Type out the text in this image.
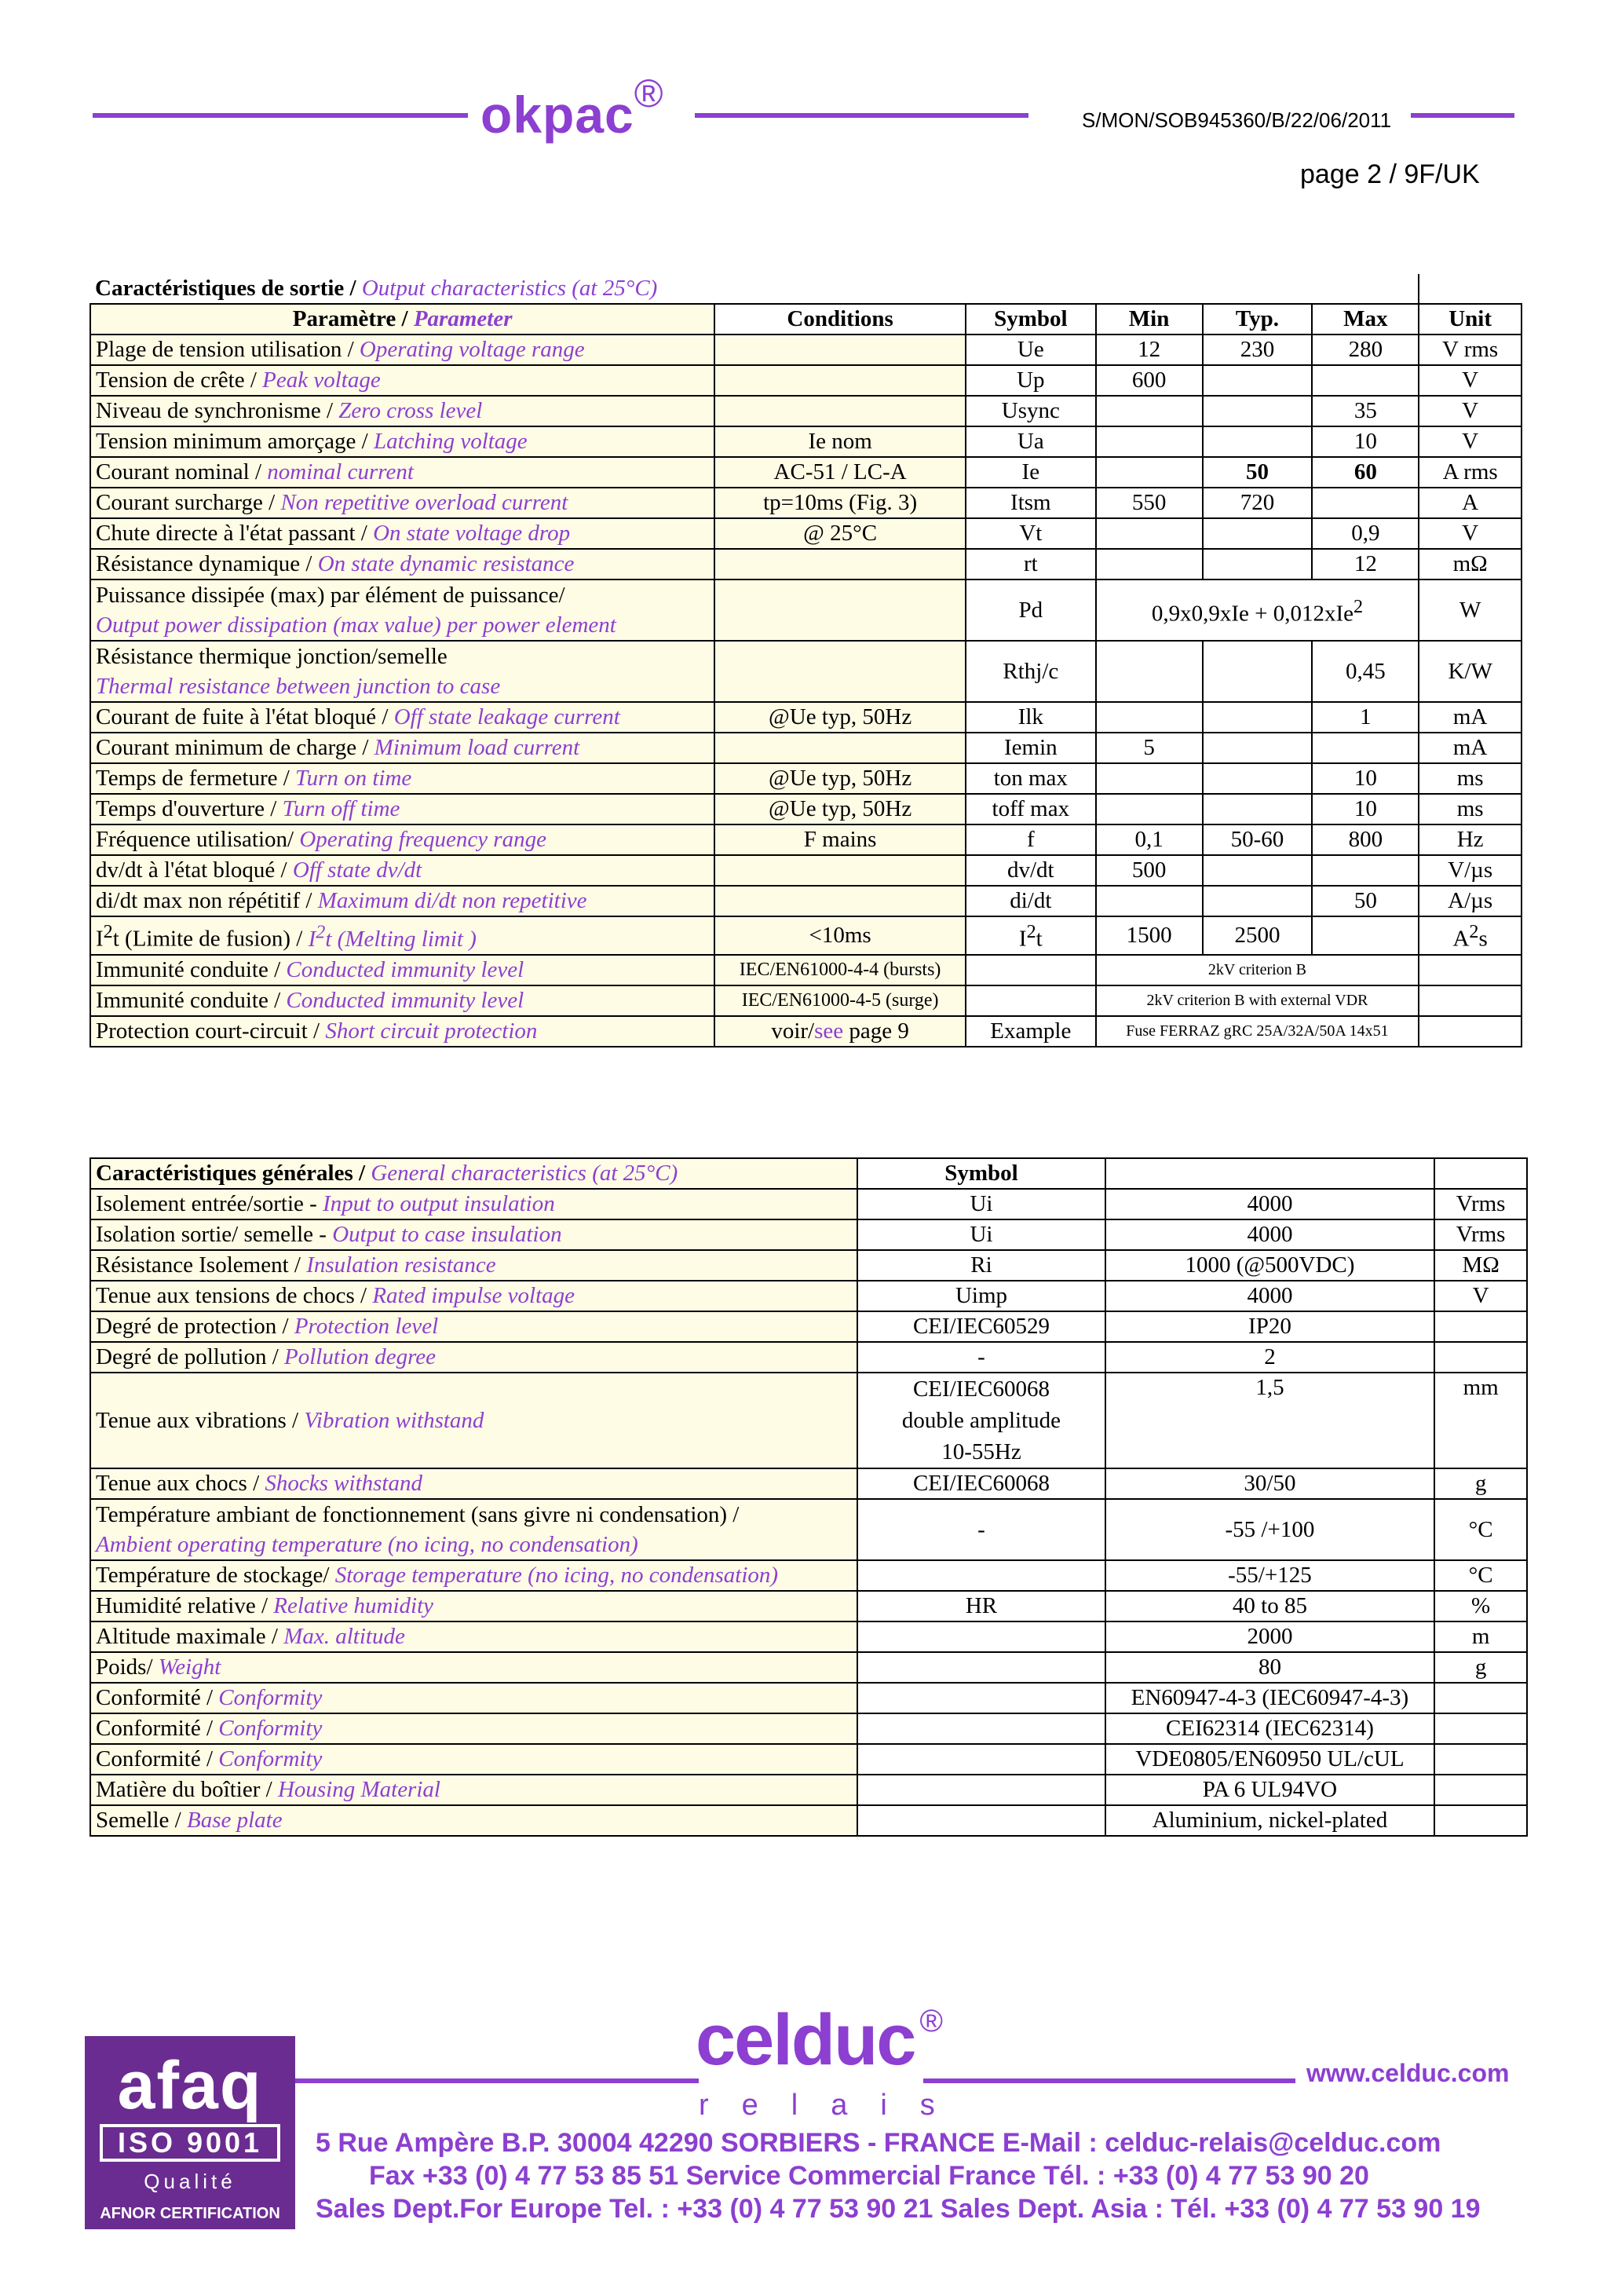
okpac®
S/MON/SOB945360/B/22/06/2011
page 2 / 9F/UK
Caractéristiques de sortie / Output characteristics (at 25°C)						
Paramètre / Parameter	Conditions	Symbol	Min	Typ.	Max	Unit
Plage de tension utilisation / Operating voltage range		Ue	12	230	280	V rms
Tension de crête / Peak voltage		Up	600			V
Niveau de synchronisme / Zero cross level		Usync			35	V
Tension minimum amorçage / Latching voltage	Ie nom	Ua			10	V
Courant nominal / nominal current	AC-51 / LC-A	Ie		50	60	A rms
Courant surcharge / Non repetitive overload current	tp=10ms (Fig. 3)	Itsm	550	720		A
Chute directe à l'état passant / On state voltage drop	@ 25°C	Vt			0,9	V
Résistance dynamique / On state dynamic resistance		rt			12	mΩ
Puissance dissipée (max) par élément de puissance/
Output power dissipation (max value) per power element		Pd	0,9x0,9xIe + 0,012xIe$^2$			W
Résistance thermique jonction/semelle
Thermal resistance between junction to case		Rthj/c			0,45	K/W
Courant de fuite à l'état bloqué / Off state leakage current	@Ue typ, 50Hz	Ilk			1	mA
Courant minimum de charge / Minimum load current		Iemin	5			mA
Temps de fermeture / Turn on time	@Ue typ, 50Hz	ton max			10	ms
Temps d'ouverture / Turn off time	@Ue typ, 50Hz	toff max			10	ms
Fréquence utilisation/ Operating frequency range	F mains	f	0,1	50-60	800	Hz
dv/dt à l'état bloqué / Off state dv/dt		dv/dt	500			V/µs
di/dt max non répétitif / Maximum di/dt non repetitive		di/dt			50	A/µs
$I^2t$ (Limite de fusion) / $I^2t$ (Melting limit )	<10ms	$I^2t$	1500	2500		$A^2s$
Immunité conduite / Conducted immunity level	IEC/EN61000-4-4 (bursts)		2kV criterion B			
Immunité conduite / Conducted immunity level	IEC/EN61000-4-5 (surge)		2kV criterion B with external VDR			
Protection court-circuit / Short circuit protection	voir/see page 9	Example	Fuse FERRAZ gRC 25A/32A/50A 14x51			
Caractéristiques générales / General characteristics (at 25°C)	Symbol		
Isolement entrée/sortie - Input to output insulation	Ui	4000	Vrms
Isolation sortie/ semelle - Output to case insulation	Ui	4000	Vrms
Résistance Isolement / Insulation resistance	Ri	1000 (@500VDC)	MΩ
Tenue aux tensions de chocs / Rated impulse voltage	Uimp	4000	V
Degré de protection / Protection level	CEI/IEC60529	IP20	
Degré de pollution / Pollution degree	-	2	
Tenue aux vibrations / Vibration withstand	CEI/IEC60068
double amplitude
10-55Hz	1,5	mm
Tenue aux chocs / Shocks withstand	CEI/IEC60068	30/50	g
Température ambiant de fonctionnement (sans givre ni condensation) /
Ambient operating temperature (no icing, no condensation)	-	-55 /+100	°C
Température de stockage/ Storage temperature (no icing, no condensation)		-55/+125	°C
Humidité relative / Relative humidity	HR	40 to 85	%
Altitude maximale / Max. altitude		2000	m
Poids/ Weight		80	g
Conformité / Conformity		EN60947-4-3 (IEC60947-4-3)	
Conformité / Conformity		CEI62314 (IEC62314)	
Conformité / Conformity		VDE0805/EN60950 UL/cUL	
Matière du boîtier / Housing Material		PA 6 UL94VO	
Semelle / Base plate		Aluminium, nickel-plated	
afaq
ISO 9001
Qualité
AFNOR CERTIFICATION
celduc ®
relais
www.celduc.com
5 Rue Ampère B.P. 30004 42290 SORBIERS - FRANCE E-Mail : celduc-relais@celduc.com
Fax +33 (0) 4 77 53 85 51 Service Commercial France Tél. : +33 (0) 4 77 53 90 20
Sales Dept.For Europe Tel. : +33 (0) 4 77 53 90 21 Sales Dept. Asia : Tél. +33 (0) 4 77 53 90 19
